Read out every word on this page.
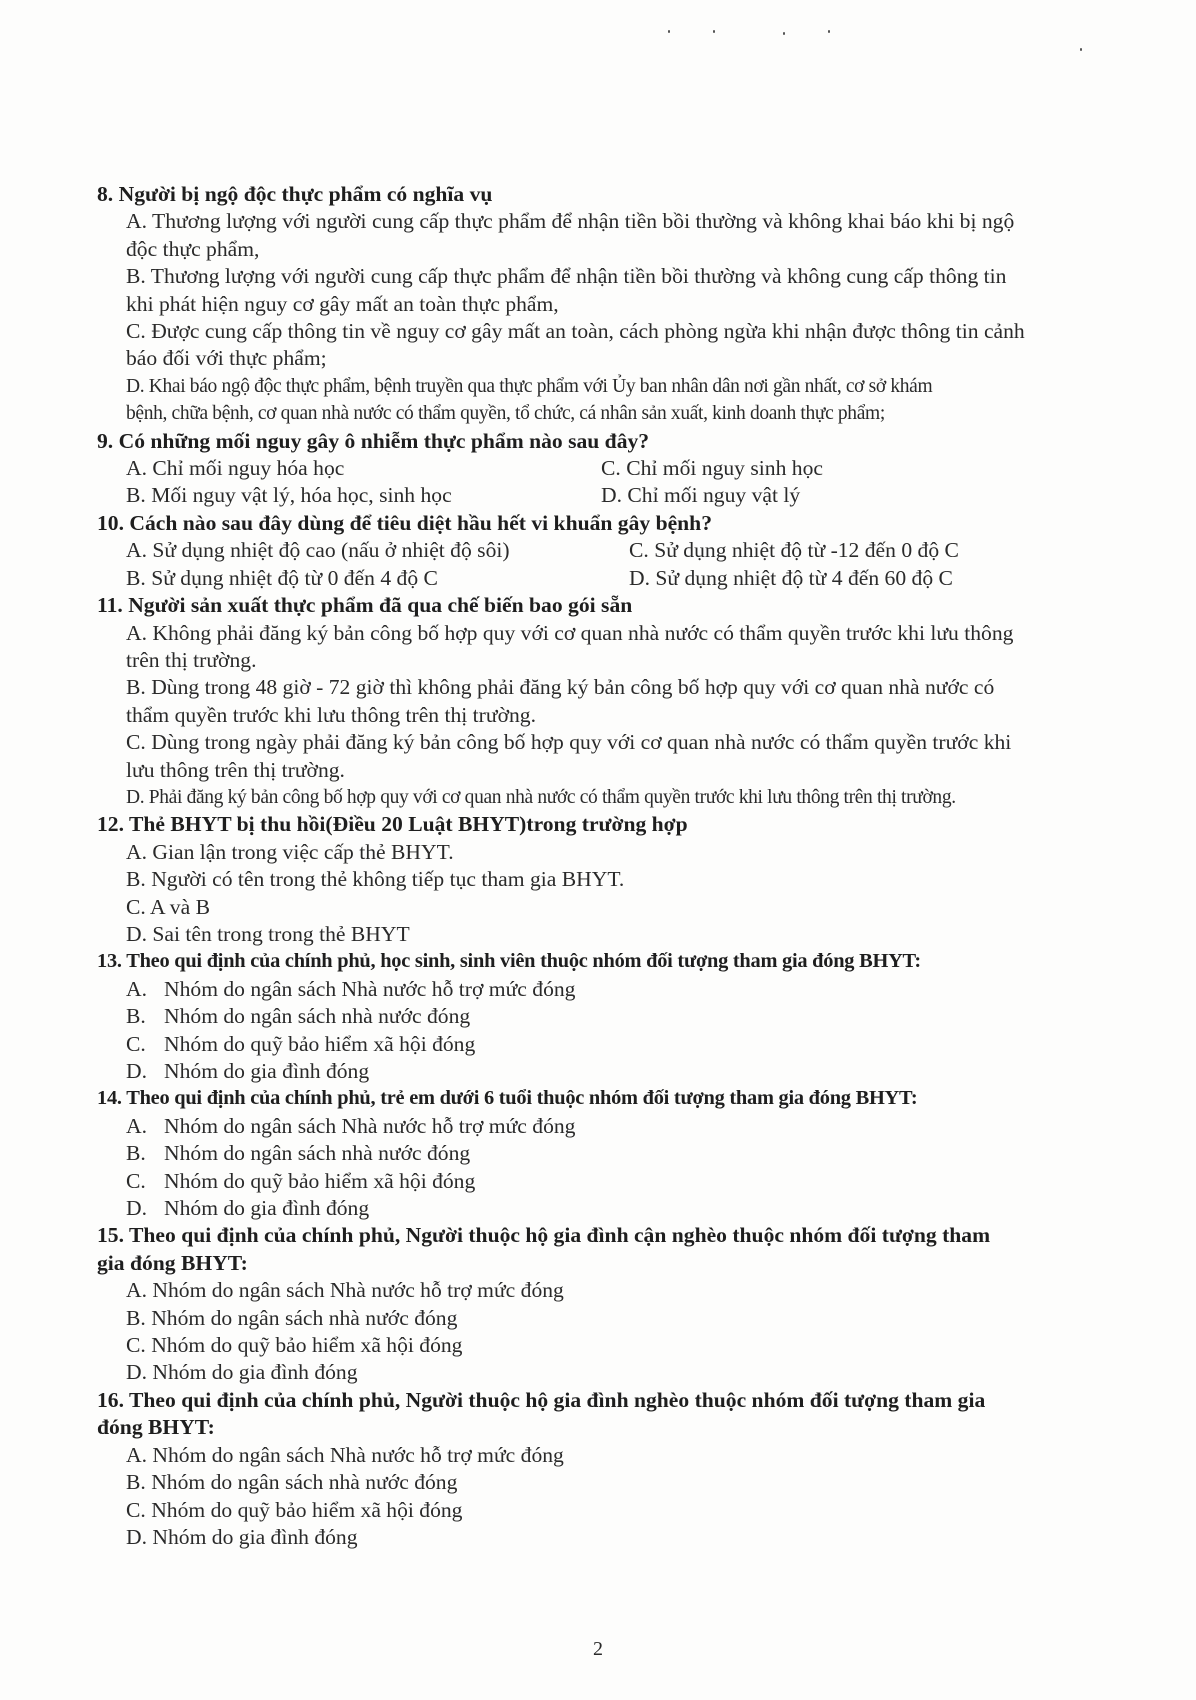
8. Người bị ngộ độc thực phẩm có nghĩa vụ
A. Thương lượng với người cung cấp thực phẩm để nhận tiền bồi thường và không khai báo khi bị ngộ
độc thực phẩm,
B. Thương lượng với người cung cấp thực phẩm để nhận tiền bồi thường và không cung cấp thông tin
khi phát hiện nguy cơ gây mất an toàn thực phẩm,
C. Được cung cấp thông tin về nguy cơ gây mất an toàn, cách phòng ngừa khi nhận được thông tin cảnh
báo đối với thực phẩm;
D. Khai báo ngộ độc thực phẩm, bệnh truyền qua thực phẩm với Ủy ban nhân dân nơi gần nhất, cơ sở khám
bệnh, chữa bệnh, cơ quan nhà nước có thẩm quyền, tổ chức, cá nhân sản xuất, kinh doanh thực phẩm;
9. Có những mối nguy gây ô nhiễm thực phẩm nào sau đây?
A. Chỉ mối nguy hóa học	C. Chỉ mối nguy sinh học
B. Mối nguy vật lý, hóa học, sinh học	D. Chỉ mối nguy vật lý
10. Cách nào sau đây dùng để tiêu diệt hầu hết vi khuẩn gây bệnh?
A. Sử dụng nhiệt độ cao (nấu ở nhiệt độ sôi)	C. Sử dụng nhiệt độ từ -12 đến 0 độ C
B. Sử dụng nhiệt độ từ 0 đến 4 độ C	D. Sử dụng nhiệt độ từ 4 đến 60 độ C
11. Người sản xuất thực phẩm đã qua chế biến bao gói sẵn
A. Không phải đăng ký bản công bố hợp quy với cơ quan nhà nước có thẩm quyền trước khi lưu thông
trên thị trường.
B. Dùng trong 48 giờ - 72 giờ thì không phải đăng ký bản công bố hợp quy với cơ quan nhà nước có
thẩm quyền trước khi lưu thông trên thị trường.
C. Dùng trong ngày phải đăng ký bản công bố hợp quy với cơ quan nhà nước có thẩm quyền trước khi
lưu thông trên thị trường.
D. Phải đăng ký bản công bố hợp quy với cơ quan nhà nước có thẩm quyền trước khi lưu thông trên thị trường.
12. Thẻ BHYT bị thu hồi(Điều 20 Luật BHYT)trong trường hợp
A. Gian lận trong việc cấp thẻ BHYT.
B. Người có tên trong thẻ không tiếp tục tham gia BHYT.
C. A và B
D. Sai tên trong trong thẻ BHYT
13. Theo qui định của chính phủ, học sinh, sinh viên thuộc nhóm đối tượng tham gia đóng BHYT:
A. Nhóm do ngân sách Nhà nước hỗ trợ mức đóng
B. Nhóm do ngân sách nhà nước đóng
C. Nhóm do quỹ bảo hiểm xã hội đóng
D. Nhóm do gia đình đóng
14. Theo qui định của chính phủ, trẻ em dưới 6 tuổi thuộc nhóm đối tượng tham gia đóng BHYT:
A. Nhóm do ngân sách Nhà nước hỗ trợ mức đóng
B. Nhóm do ngân sách nhà nước đóng
C. Nhóm do quỹ bảo hiểm xã hội đóng
D. Nhóm do gia đình đóng
15. Theo qui định của chính phủ, Người thuộc hộ gia đình cận nghèo thuộc nhóm đối tượng tham
gia đóng BHYT:
A. Nhóm do ngân sách Nhà nước hỗ trợ mức đóng
B. Nhóm do ngân sách nhà nước đóng
C. Nhóm do quỹ bảo hiểm xã hội đóng
D. Nhóm do gia đình đóng
16. Theo qui định của chính phủ, Người thuộc hộ gia đình nghèo thuộc nhóm đối tượng tham gia
đóng BHYT:
A. Nhóm do ngân sách Nhà nước hỗ trợ mức đóng
B. Nhóm do ngân sách nhà nước đóng
C. Nhóm do quỹ bảo hiểm xã hội đóng
D. Nhóm do gia đình đóng
2
